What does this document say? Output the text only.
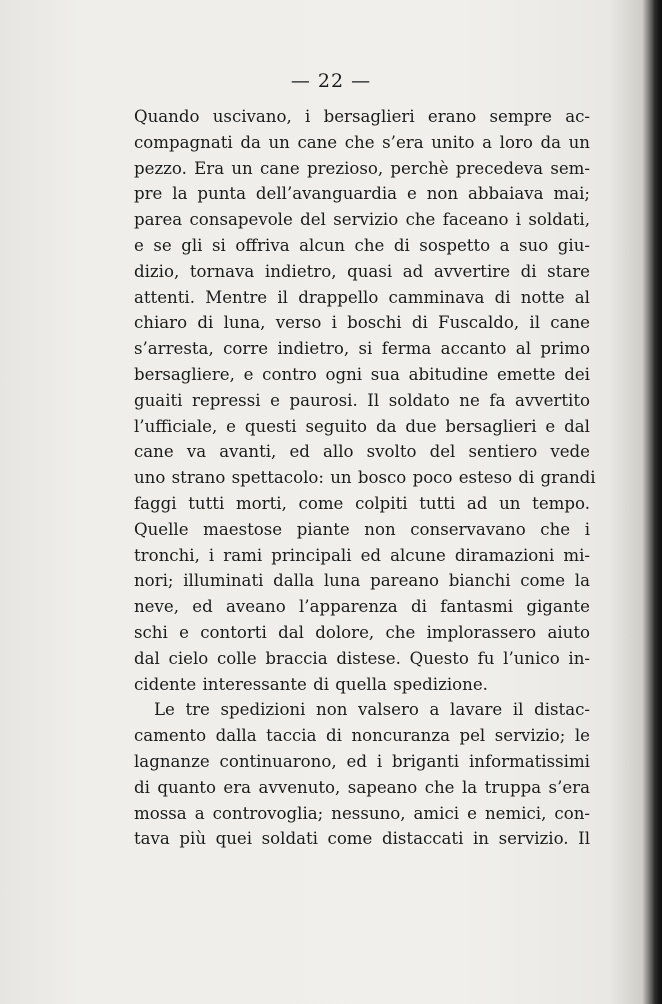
— 22 —
Quando uscivano, i bersaglieri erano sempre ac-
compagnati da un cane che s’era unito a loro da un
pezzo. Era un cane prezioso, perchè precedeva sem-
pre la punta dell’avanguardia e non abbaiava mai;
parea consapevole del servizio che faceano i soldati,
e se gli si offriva alcun che di sospetto a suo giu-
dizio, tornava indietro, quasi ad avvertire di stare
attenti. Mentre il drappello camminava di notte al
chiaro di luna, verso i boschi di Fuscaldo, il cane
s’arresta, corre indietro, si ferma accanto al primo
bersagliere, e contro ogni sua abitudine emette dei
guaiti repressi e paurosi. Il soldato ne fa avvertito
l’ufficiale, e questi seguito da due bersaglieri e dal
cane va avanti, ed allo svolto del sentiero vede
uno strano spettacolo: un bosco poco esteso di grandi
faggi tutti morti, come colpiti tutti ad un tempo.
Quelle maestose piante non conservavano che i
tronchi, i rami principali ed alcune diramazioni mi-
nori; illuminati dalla luna pareano bianchi come la
neve, ed aveano l’apparenza di fantasmi gigante
schi e contorti dal dolore, che implorassero aiuto
dal cielo colle braccia distese. Questo fu l’unico in-
cidente interessante di quella spedizione.
Le tre spedizioni non valsero a lavare il distac-
camento dalla taccia di noncuranza pel servizio; le
lagnanze continuarono, ed i briganti informatissimi
di quanto era avvenuto, sapeano che la truppa s’era
mossa a controvoglia; nessuno, amici e nemici, con-
tava più quei soldati come distaccati in servizio. Il
